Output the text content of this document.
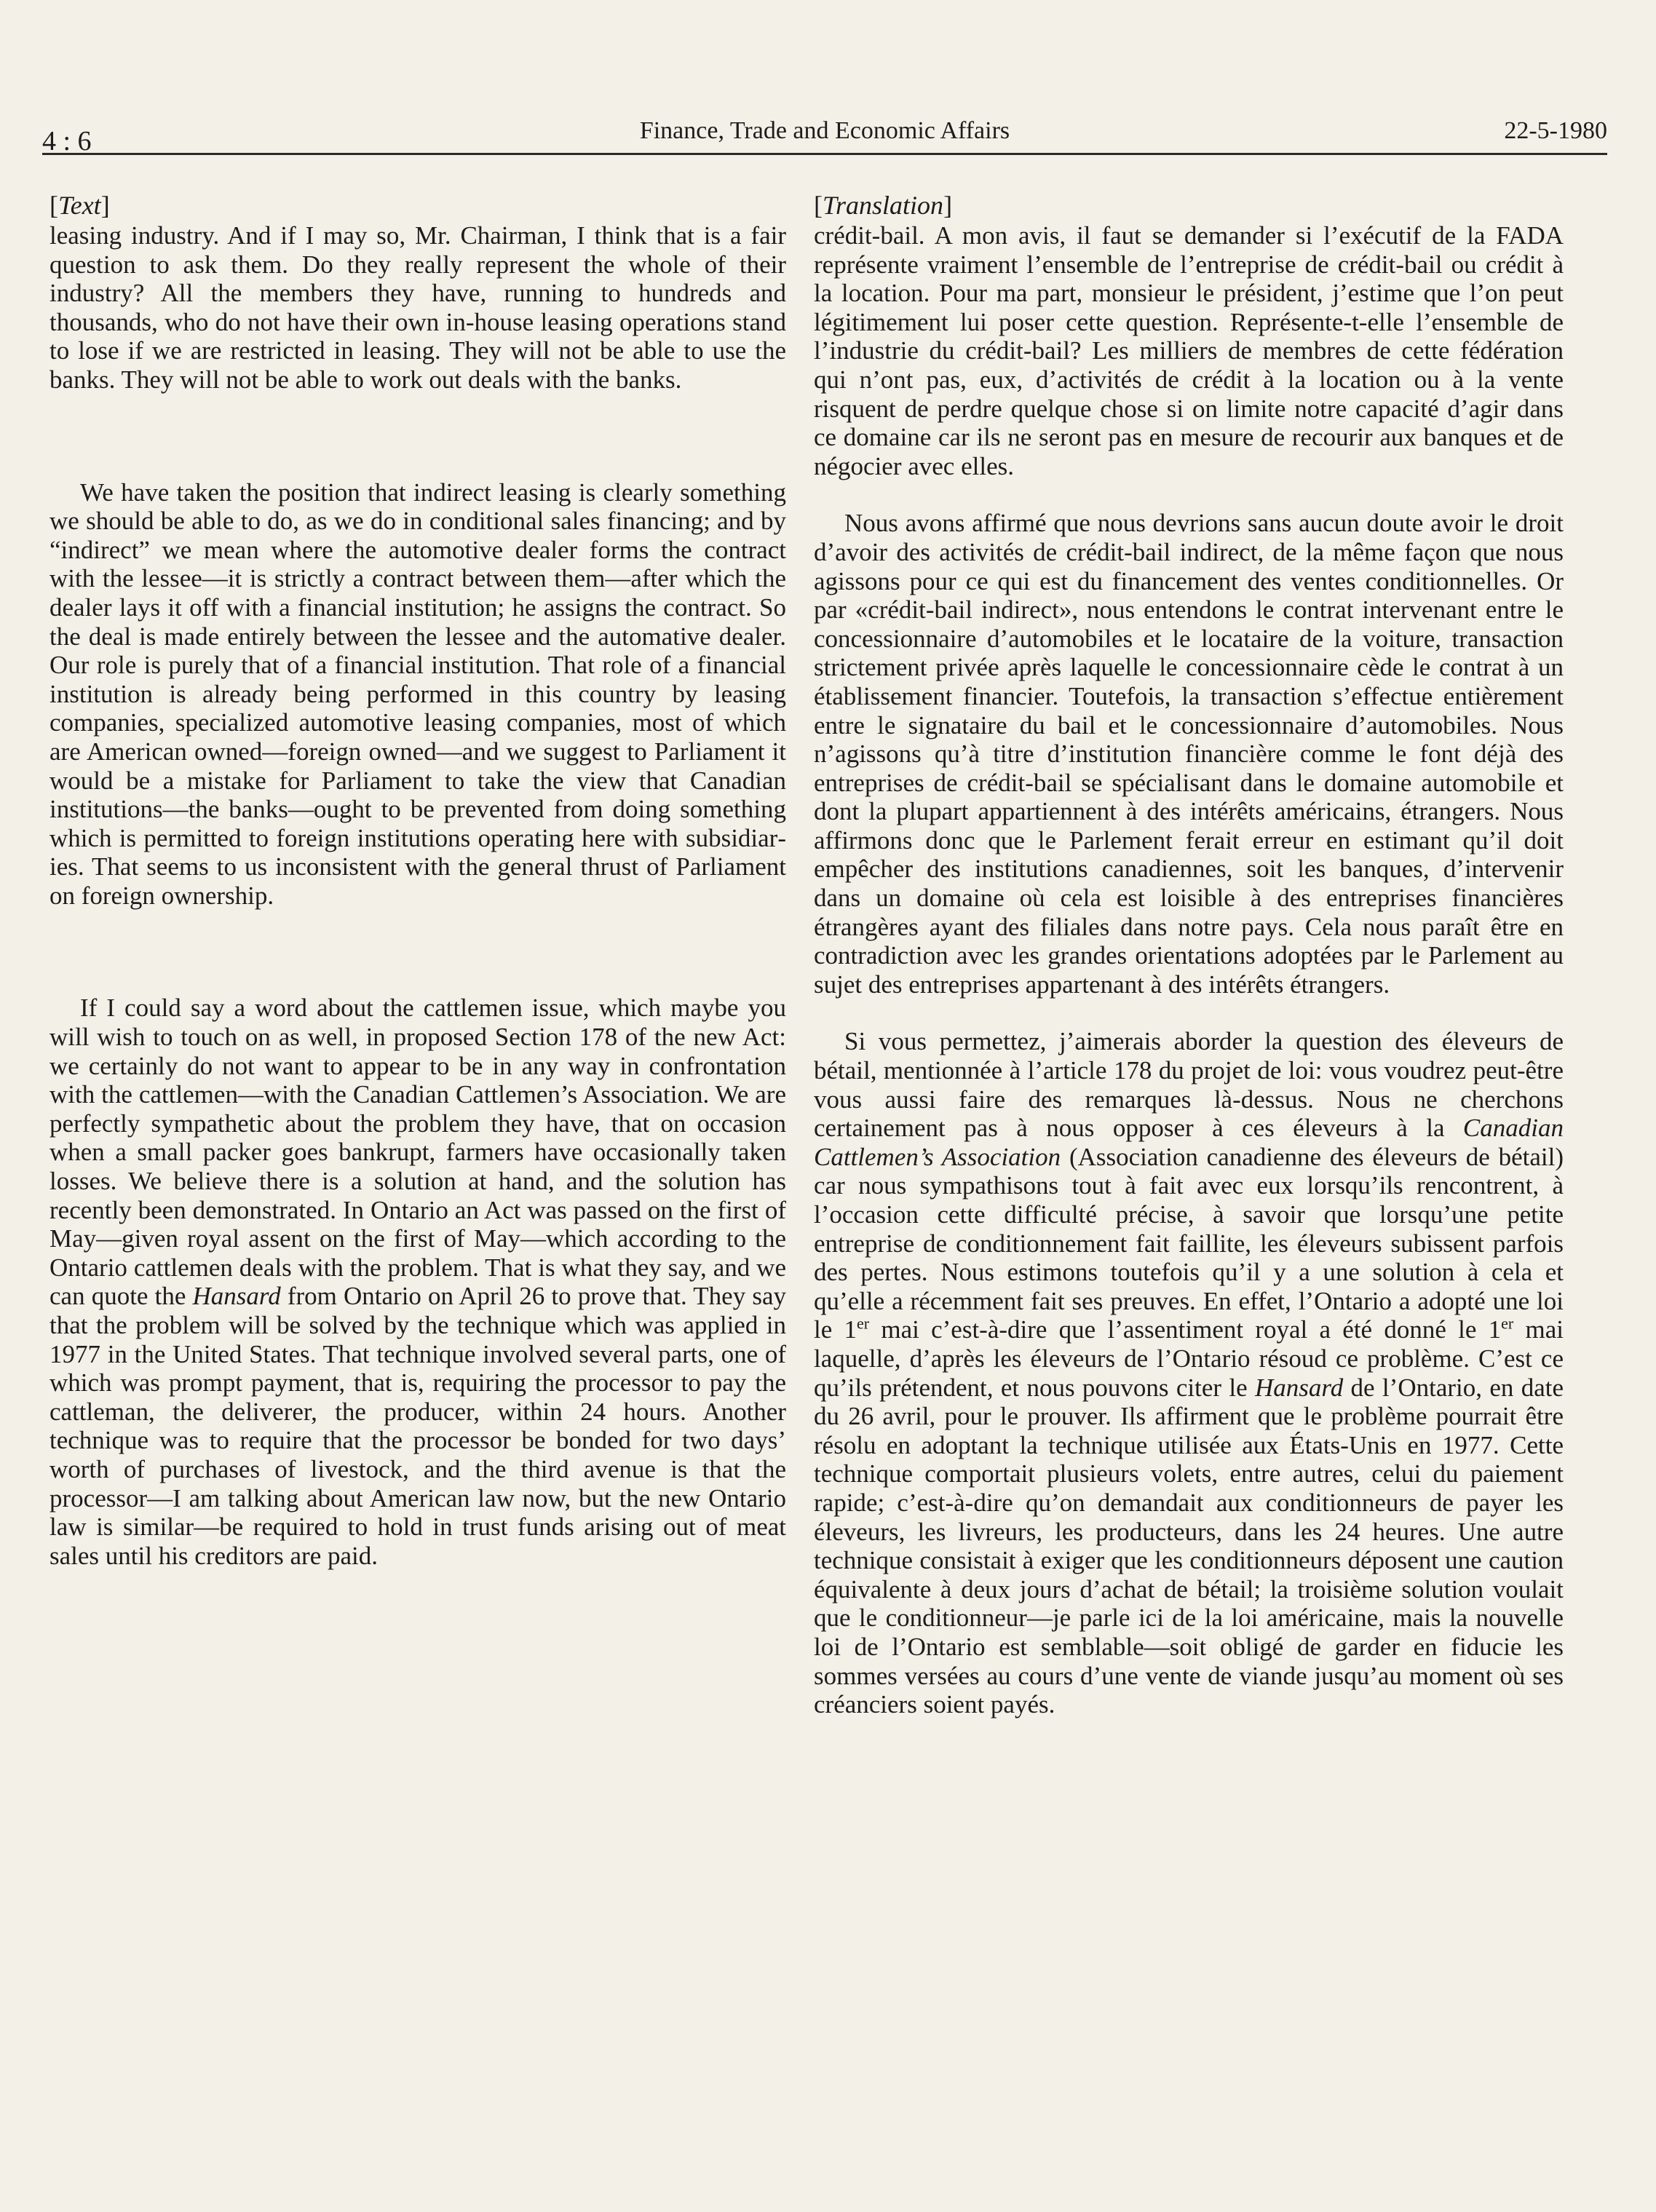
4 : 6	Finance, Trade and Economic Affairs	22-5-1980
[Text]

leasing industry. And if I may so, Mr. Chairman, I think that is a fair question to ask them. Do they really represent the whole of their industry? All the members they have, running to hundreds and thousands, who do not have their own in-house leasing operations stand to lose if we are restricted in leasing. They will not be able to use the banks. They will not be able to work out deals with the banks.

We have taken the position that indirect leasing is clearly something we should be able to do, as we do in conditional sales financing; and by “indirect” we mean where the automotive dealer forms the contract with the lessee—it is strictly a contract between them—after which the dealer lays it off with a financial institution; he assigns the contract. So the deal is made entirely between the lessee and the automative dealer. Our role is purely that of a financial institution. That role of a financial institution is already being performed in this country by leasing companies, specialized automotive leasing companies, most of which are American owned—foreign owned—and we suggest to Parliament it would be a mistake for Parliament to take the view that Canadian institutions—the banks—ought to be prevented from doing something which is permitted to foreign institutions operating here with subsidiaries. That seems to us inconsistent with the general thrust of Parliament on foreign ownership.

If I could say a word about the cattlemen issue, which maybe you will wish to touch on as well, in proposed Section 178 of the new Act: we certainly do not want to appear to be in any way in confrontation with the cattlemen—with the Canadian Cattlemen’s Association. We are perfectly sympathetic about the problem they have, that on occasion when a small packer goes bankrupt, farmers have occasionally taken losses. We believe there is a solution at hand, and the solution has recently been demonstrated. In Ontario an Act was passed on the first of May—given royal assent on the first of May—which according to the Ontario cattlemen deals with the problem. That is what they say, and we can quote the Hansard from Ontario on April 26 to prove that. They say that the problem will be solved by the technique which was applied in 1977 in the United States. That technique involved several parts, one of which was prompt payment, that is, requiring the processor to pay the cattleman, the deliverer, the producer, within 24 hours. Another technique was to require that the processor be bonded for two days’ worth of purchases of livestock, and the third avenue is that the processor—I am talking about American law now, but the new Ontario law is similar—be required to hold in trust funds arising out of meat sales until his creditors are paid.

[Translation]

crédit-bail. A mon avis, il faut se demander si l’exécutif de la FADA représente vraiment l’ensemble de l’entreprise de crédit-bail ou crédit à la location. Pour ma part, monsieur le président, j’estime que l’on peut légitimement lui poser cette question. Représente-t-elle l’ensemble de l’industrie du crédit-bail? Les milliers de membres de cette fédération qui n’ont pas, eux, d’activités de crédit à la location ou à la vente risquent de perdre quelque chose si on limite notre capacité d’agir dans ce domaine car ils ne seront pas en mesure de recourir aux banques et de négocier avec elles.

Nous avons affirmé que nous devrions sans aucun doute avoir le droit d’avoir des activités de crédit-bail indirect, de la même façon que nous agissons pour ce qui est du financement des ventes conditionnelles. Or par «crédit-bail indirect», nous entendons le contrat intervenant entre le concessionnaire d’automobiles et le locataire de la voiture, transaction strictement privée après laquelle le concessionnaire cède le contrat à un établissement financier. Toutefois, la transaction s’effectue entièrement entre le signataire du bail et le concessionnaire d’automobiles. Nous n’agissons qu’à titre d’institution financière comme le font déjà des entreprises de crédit-bail se spécialisant dans le domaine automobile et dont la plupart appartiennent à des intérêts américains, étrangers. Nous affirmons donc que le Parlement ferait erreur en estimant qu’il doit empêcher des institutions canadiennes, soit les banques, d’intervenir dans un domaine où cela est loisible à des entreprises financières étrangères ayant des filiales dans notre pays. Cela nous paraît être en contradiction avec les grandes orientations adoptées par le Parlement au sujet des entreprises appartenant à des intérêts étrangers.

Si vous permettez, j’aimerais aborder la question des éleveurs de bétail, mentionnée à l’article 178 du projet de loi: vous voudrez peut-être vous aussi faire des remarques là-dessus. Nous ne cherchons certainement pas à nous opposer à ces éleveurs à la Canadian Cattlemen’s Association (Association canadienne des éleveurs de bétail) car nous sympathisons tout à fait avec eux lorsqu’ils rencontrent, à l’occasion cette difficulté précise, à savoir que lorsqu’une petite entreprise de conditionnement fait faillite, les éleveurs subissent parfois des pertes. Nous estimons toutefois qu’il y a une solution à cela et qu’elle a récemment fait ses preuves. En effet, l’Ontario a adopté une loi le 1er mai c’est-à-dire que l’assentiment royal a été donné le 1er mai laquelle, d’après les éleveurs de l’Ontario résoud ce problème. C’est ce qu’ils prétendent, et nous pouvons citer le Hansard de l’Ontario, en date du 26 avril, pour le prouver. Ils affirment que le problème pourrait être résolu en adoptant la technique utilisée aux États-Unis en 1977. Cette technique comportait plusieurs volets, entre autres, celui du paiement rapide; c’est-à-dire qu’on demandait aux conditionneurs de payer les éleveurs, les livreurs, les producteurs, dans les 24 heures. Une autre technique consistait à exiger que les conditionneurs déposent une caution équivalente à deux jours d’achat de bétail; la troisième solution voulait que le conditionneur—je parle ici de la loi américaine, mais la nouvelle loi de l’Ontario est semblable—soit obligé de garder en fiducie les sommes versées au cours d’une vente de viande jusqu’au moment où ses créanciers soient payés.
